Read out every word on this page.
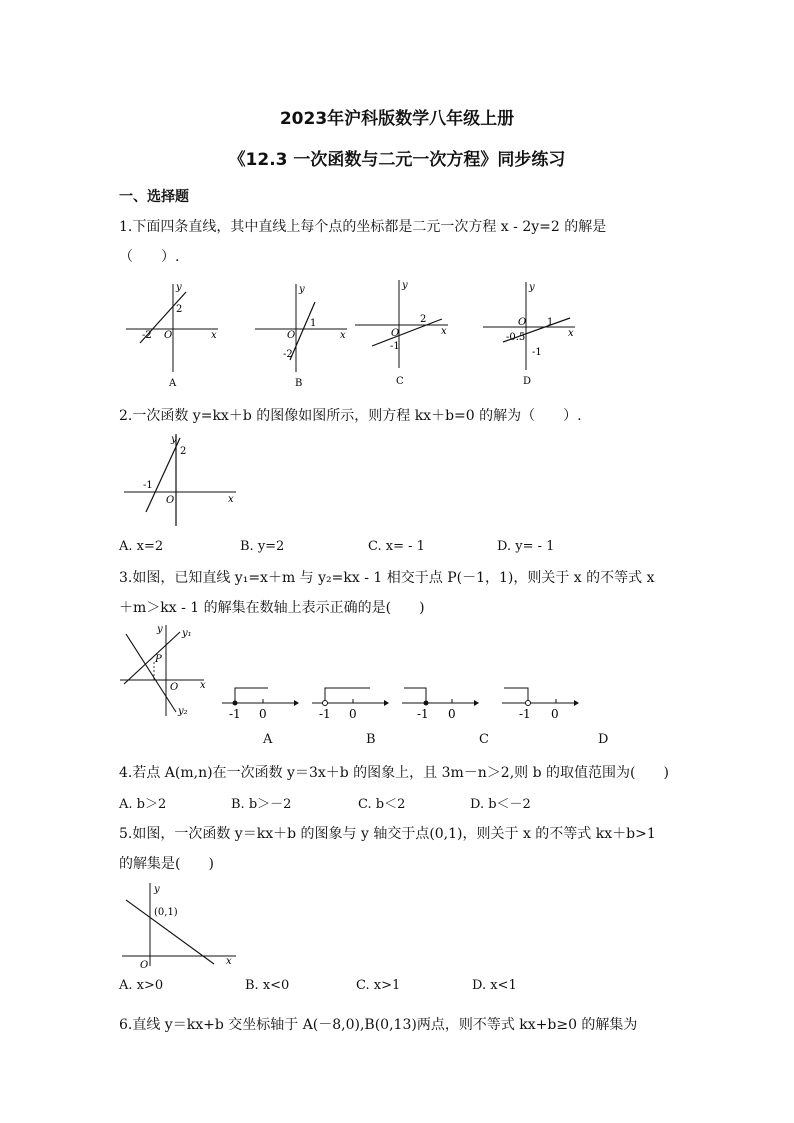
2023年沪科版数学八年级上册
《12.3 一次函数与二元一次方程》同步练习
一、选择题
1.下面四条直线，其中直线上每个点的坐标都是二元一次方程 x - 2y=2 的解是
（　　）.
y
2
-2 O	x
A
y
1
O
-2
x
B
y
2
O
-1
x
C
y
O 1
-0.5
-1
x
D
2.一次函数 y=kx＋b 的图像如图所示，则方程 kx＋b=0 的解为（　　）.
y
2
-1
O	x
A. x=2	B. y=2	C. x= - 1	D. y= - 1
3.如图，已知直线 y₁=x＋m 与 y₂=kx - 1 相交于点 P(－1，1)，则关于 x 的不等式 x
＋m＞kx - 1 的解集在数轴上表示正确的是(　　)
y y₁
P
O x
y₂	-1 0	-1 0	-1 0	-1 0
A	B	C	D
4.若点 A(m,n)在一次函数 y＝3x＋b 的图象上，且 3m－n＞2,则 b 的取值范围为(　　)
A. b＞2	B. b＞－2	C. b＜2	D. b＜－2
5.如图，一次函数 y＝kx＋b 的图象与 y 轴交于点(0,1)，则关于 x 的不等式 kx＋b>1
的解集是(　　)
y
(0,1)
O	x
A. x>0	B. x<0	C. x>1	D. x<1
6.直线 y＝kx+b 交坐标轴于 A(－8,0),B(0,13)两点，则不等式 kx+b≥0 的解集为
